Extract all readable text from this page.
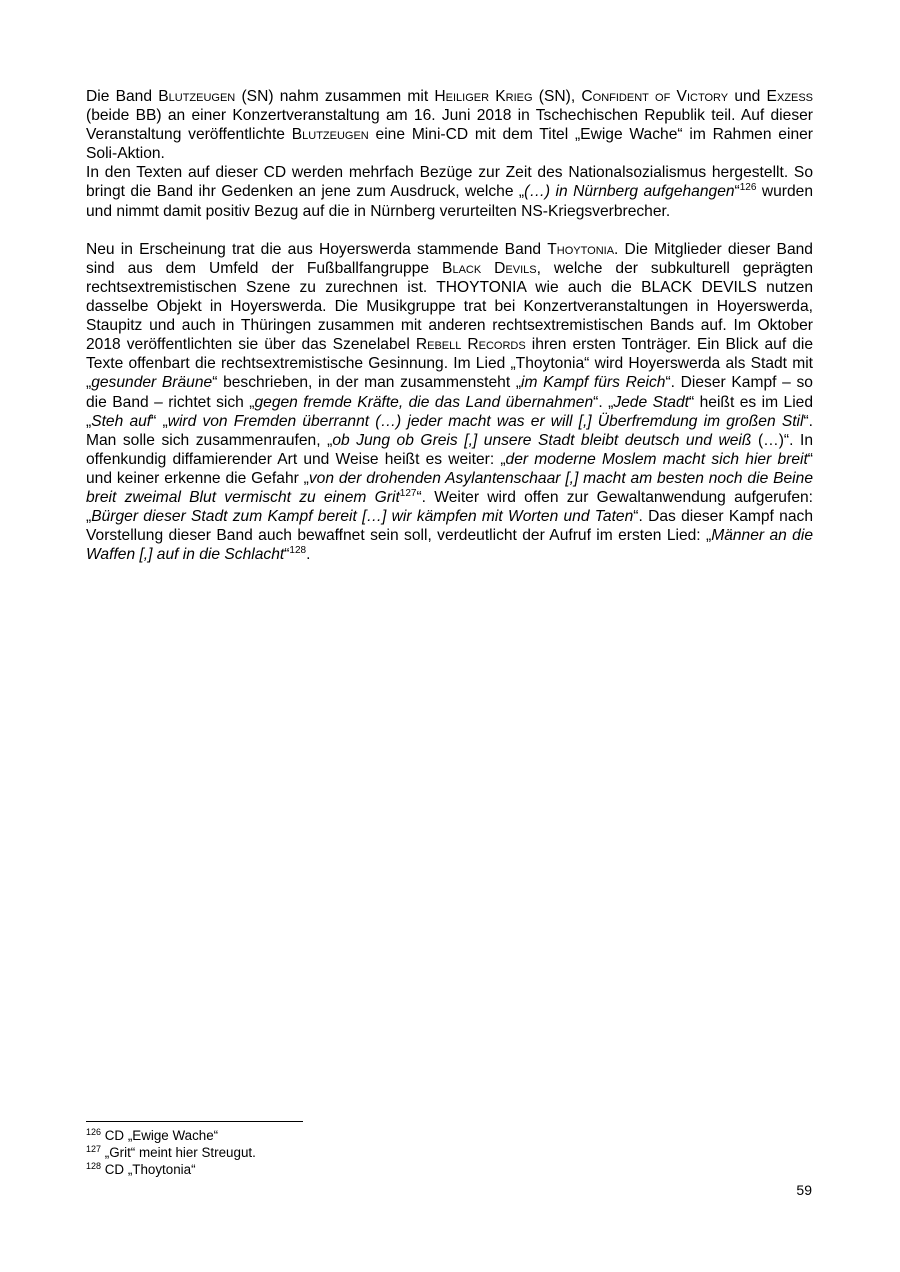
Die Band Blutzeugen (SN) nahm zusammen mit Heiliger Krieg (SN), Confident of Victory und Exzess (beide BB) an einer Konzertveranstaltung am 16. Juni 2018 in Tschechischen Republik teil. Auf dieser Veranstaltung veröffentlichte Blutzeugen eine Mini-CD mit dem Titel „Ewige Wache“ im Rahmen einer Soli-Aktion.

In den Texten auf dieser CD werden mehrfach Bezüge zur Zeit des Nationalsozialismus hergestellt. So bringt die Band ihr Gedenken an jene zum Ausdruck, welche „(…) in Nürnberg aufgehangen“$^{126}$ wurden und nimmt damit positiv Bezug auf die in Nürnberg verurteilten NS-Kriegsverbrecher.

Neu in Erscheinung trat die aus Hoyerswerda stammende Band Thoytonia. Die Mitglieder dieser Band sind aus dem Umfeld der Fußballfangruppe Black Devils, welche der subkulturell geprägten rechtsextremistischen Szene zu zurechnen ist. THOYTONIA wie auch die BLACK DEVILS nutzen dasselbe Objekt in Hoyerswerda. Die Musikgruppe trat bei Konzertveranstaltungen in Hoyerswerda, Staupitz und auch in Thüringen zusammen mit anderen rechtsextremistischen Bands auf. Im Oktober 2018 veröffentlichten sie über das Szenelabel Rebell Records ihren ersten Tonträger. Ein Blick auf die Texte offenbart die rechtsextremistische Gesinnung. Im Lied „Thoytonia“ wird Hoyerswerda als Stadt mit „gesunder Bräune“ beschrieben, in der man zusammensteht „im Kampf fürs Reich“. Dieser Kampf – so die Band – richtet sich „gegen fremde Kräfte, die das Land übernahmen“. „Jede Stadt“ heißt es im Lied „Steh auf“ „wird von Fremden überrannt (…) jeder macht was er will [,] Überfremdung im großen Stil“. Man solle sich zusammenraufen, „ob Jung ob Greis [,] unsere Stadt bleibt deutsch und weiß (…)“. In offenkundig diffamierender Art und Weise heißt es weiter: „der moderne Moslem macht sich hier breit“ und keiner erkenne die Gefahr „von der drohenden Asylantenschaar [,] macht am besten noch die Beine breit zweimal Blut vermischt zu einem Grit$^{127}$“. Weiter wird offen zur Gewaltanwendung aufgerufen: „Bürger dieser Stadt zum Kampf bereit […] wir kämpfen mit Worten und Taten“. Das dieser Kampf nach Vorstellung dieser Band auch bewaffnet sein soll, verdeutlicht der Aufruf im ersten Lied: „Männer an die Waffen [,] auf in die Schlacht“$^{128}$.

$^{126}$ CD „Ewige Wache“

$^{127}$ „Grit“ meint hier Streugut.

$^{128}$ CD „Thoytonia“

59
